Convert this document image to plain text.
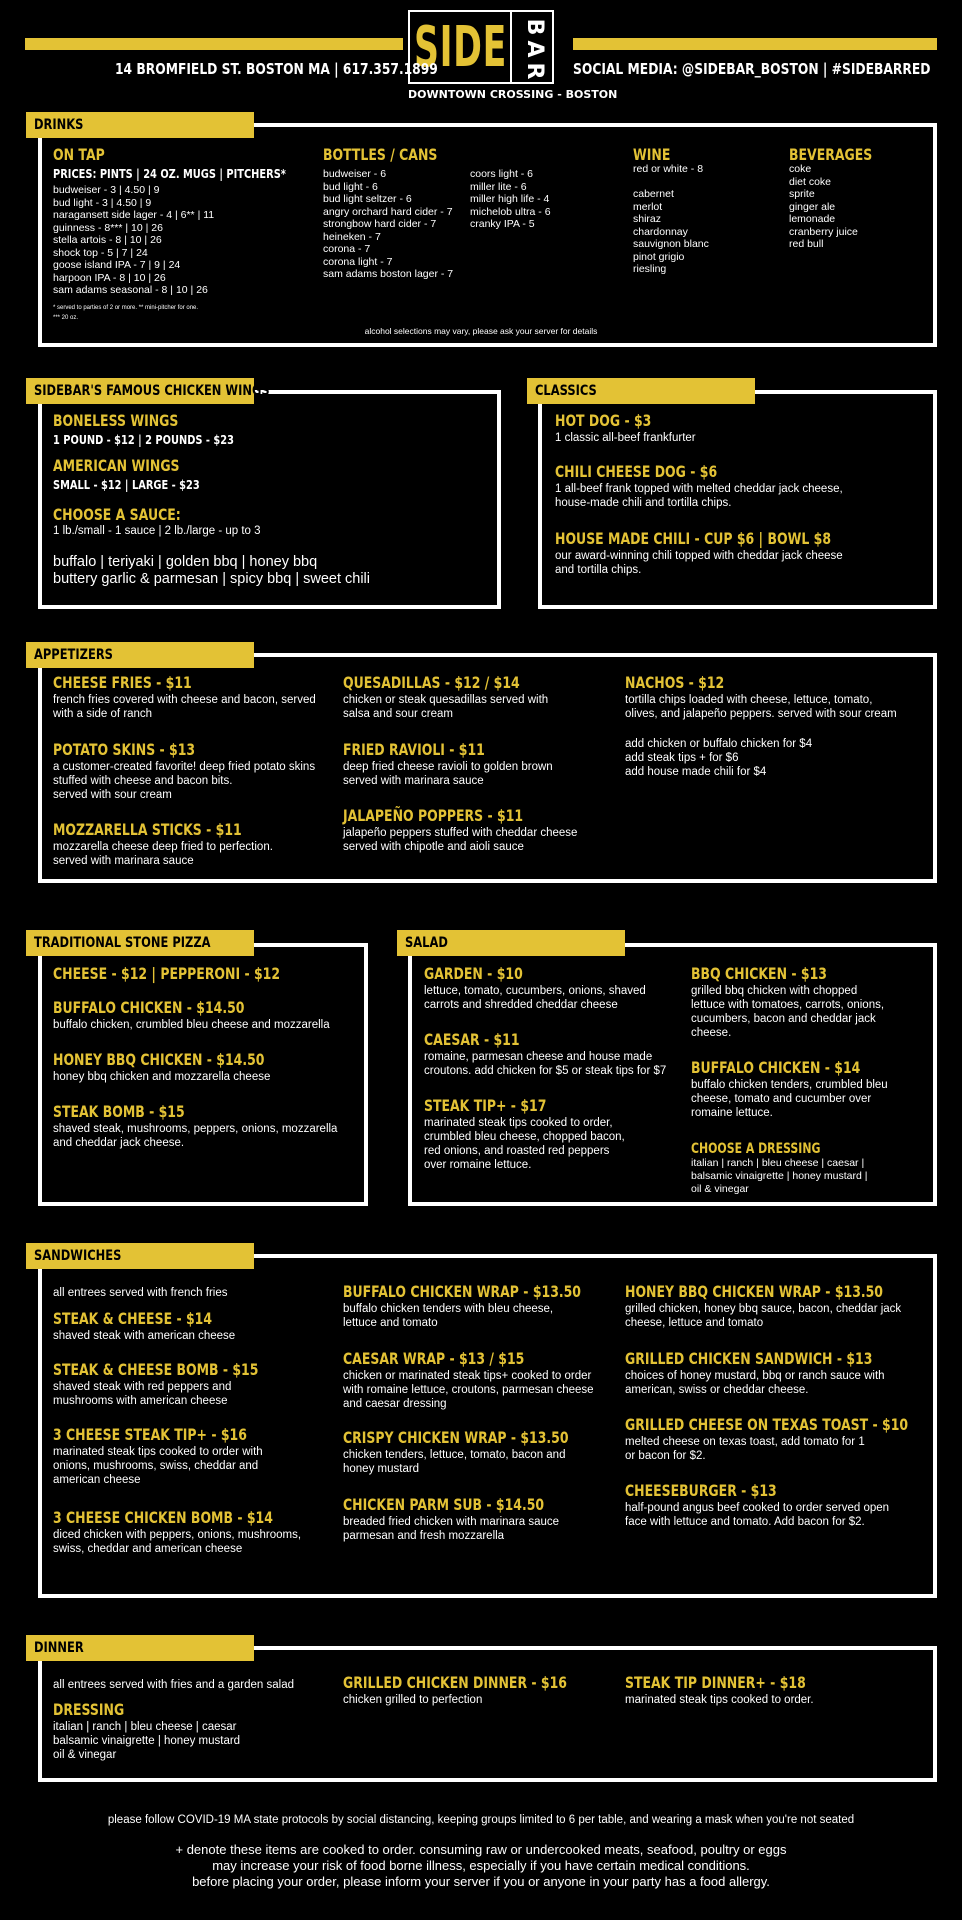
SIDE B
A
R
14 BROMFIELD ST. BOSTON MA | 617.357.1899	SOCIAL MEDIA: @SIDEBAR_BOSTON | #SIDEBARRED
DOWNTOWN CROSSING - BOSTON
DRINKS
ON TAP
PRICES: PINTS | 24 OZ. MUGS | PITCHERS*
budweiser - 3 | 4.50 | 9
bud light - 3 | 4.50 | 9
naragansett side lager - 4 | 6** | 11
guinness - 8*** | 10 | 26
stella artois - 8 | 10 | 26
shock top - 5 | 7 | 24
goose island IPA - 7 | 9 | 24
harpoon IPA - 8 | 10 | 26
sam adams seasonal - 8 | 10 | 26
* served to parties of 2 or more. ** mini-pitcher for one.
*** 20 oz.
BOTTLES / CANS
budweiser - 6
bud light - 6
bud light seltzer - 6
angry orchard hard cider - 7
strongbow hard cider - 7
heineken - 7
corona - 7
corona light - 7
sam adams boston lager - 7
coors light - 6
miller lite - 6
miller high life - 4
michelob ultra - 6
cranky IPA - 5
WINE
red or white - 8
cabernet
merlot
shiraz
chardonnay
sauvignon blanc
pinot grigio
riesling
BEVERAGES
coke
diet coke
sprite
ginger ale
lemonade
cranberry juice
red bull
alcohol selections may vary, please ask your server for details
SIDEBAR'S FAMOUS CHICKEN WINGS
BONELESS WINGS
1 POUND - $12 | 2 POUNDS - $23
AMERICAN WINGS
SMALL - $12 | LARGE - $23
CHOOSE A SAUCE:
1 lb./small - 1 sauce | 2 lb./large - up to 3
buffalo | teriyaki | golden bbq | honey bbq
buttery garlic & parmesan | spicy bbq | sweet chili
CLASSICS
HOT DOG - $3
1 classic all-beef frankfurter
CHILI CHEESE DOG - $6
1 all-beef frank topped with melted cheddar jack cheese,
house-made chili and tortilla chips.
HOUSE MADE CHILI - CUP $6 | BOWL $8
our award-winning chili topped with cheddar jack cheese
and tortilla chips.
APPETIZERS
CHEESE FRIES - $11
french fries covered with cheese and bacon, served
with a side of ranch
POTATO SKINS - $13
a customer-created favorite! deep fried potato skins
stuffed with cheese and bacon bits.
served with sour cream
MOZZARELLA STICKS - $11
mozzarella cheese deep fried to perfection.
served with marinara sauce
QUESADILLAS - $12 / $14
chicken or steak quesadillas served with
salsa and sour cream
FRIED RAVIOLI - $11
deep fried cheese ravioli to golden brown
served with marinara sauce
JALAPEÑO POPPERS - $11
jalapeño peppers stuffed with cheddar cheese
served with chipotle and aioli sauce
NACHOS - $12
tortilla chips loaded with cheese, lettuce, tomato,
olives, and jalapeño peppers. served with sour cream
add chicken or buffalo chicken for $4
add steak tips + for $6
add house made chili for $4
TRADITIONAL STONE PIZZA
CHEESE - $12 | PEPPERONI - $12
BUFFALO CHICKEN - $14.50
buffalo chicken, crumbled bleu cheese and mozzarella
HONEY BBQ CHICKEN - $14.50
honey bbq chicken and mozzarella cheese
STEAK BOMB - $15
shaved steak, mushrooms, peppers, onions, mozzarella
and cheddar jack cheese.
SALAD
GARDEN - $10
lettuce, tomato, cucumbers, onions, shaved
carrots and shredded cheddar cheese
CAESAR - $11
romaine, parmesan cheese and house made
croutons. add chicken for $5 or steak tips for $7
STEAK TIP+ - $17
marinated steak tips cooked to order,
crumbled bleu cheese, chopped bacon,
red onions, and roasted red peppers
over romaine lettuce.
BBQ CHICKEN - $13
grilled bbq chicken with chopped
lettuce with tomatoes, carrots, onions,
cucumbers, bacon and cheddar jack
cheese.
BUFFALO CHICKEN - $14
buffalo chicken tenders, crumbled bleu
cheese, tomato and cucumber over
romaine lettuce.
CHOOSE A DRESSING
italian | ranch | bleu cheese | caesar |
balsamic vinaigrette | honey mustard |
oil & vinegar
SANDWICHES
all entrees served with french fries
STEAK & CHEESE - $14
shaved steak with american cheese
STEAK & CHEESE BOMB - $15
shaved steak with red peppers and
mushrooms with american cheese
3 CHEESE STEAK TIP+ - $16
marinated steak tips cooked to order with
onions, mushrooms, swiss, cheddar and
american cheese
3 CHEESE CHICKEN BOMB - $14
diced chicken with peppers, onions, mushrooms,
swiss, cheddar and american cheese
BUFFALO CHICKEN WRAP - $13.50
buffalo chicken tenders with bleu cheese,
lettuce and tomato
CAESAR WRAP - $13 / $15
chicken or marinated steak tips+ cooked to order
with romaine lettuce, croutons, parmesan cheese
and caesar dressing
CRISPY CHICKEN WRAP - $13.50
chicken tenders, lettuce, tomato, bacon and
honey mustard
CHICKEN PARM SUB - $14.50
breaded fried chicken with marinara sauce
parmesan and fresh mozzarella
HONEY BBQ CHICKEN WRAP - $13.50
grilled chicken, honey bbq sauce, bacon, cheddar jack
cheese, lettuce and tomato
GRILLED CHICKEN SANDWICH - $13
choices of honey mustard, bbq or ranch sauce with
american, swiss or cheddar cheese.
GRILLED CHEESE ON TEXAS TOAST - $10
melted cheese on texas toast, add tomato for 1
or bacon for $2.
CHEESEBURGER - $13
half-pound angus beef cooked to order served open
face with lettuce and tomato. Add bacon for $2.
DINNER
all entrees served with fries and a garden salad
DRESSING
italian | ranch | bleu cheese | caesar
balsamic vinaigrette | honey mustard
oil & vinegar
GRILLED CHICKEN DINNER - $16
chicken grilled to perfection
STEAK TIP DINNER+ - $18
marinated steak tips cooked to order.
please follow COVID-19 MA state protocols by social distancing, keeping groups limited to 6 per table, and wearing a mask when you're not seated
+ denote these items are cooked to order. consuming raw or undercooked meats, seafood, poultry or eggs
may increase your risk of food borne illness, especially if you have certain medical conditions.
before placing your order, please inform your server if you or anyone in your party has a food allergy.
